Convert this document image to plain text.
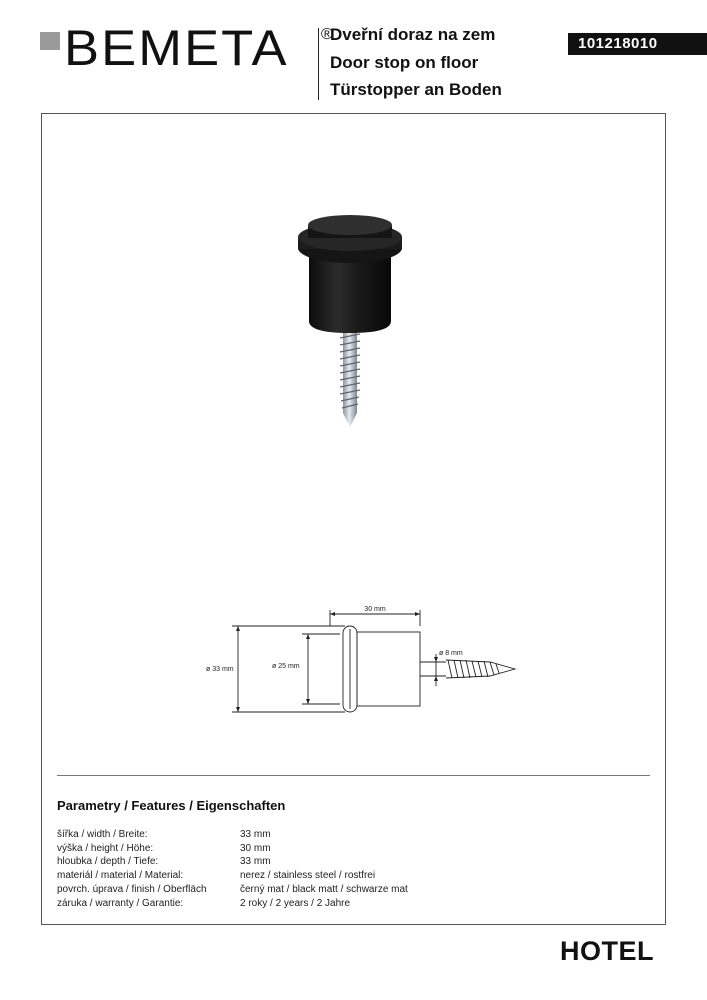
BEMETA ®
Dveřní doraz na zem
Door stop on floor
Türstopper an Boden
101218010
30 mm
ø 33 mm	ø 25 mm
ø 8 mm
Parametry / Features / Eigenschaften
šířka / width / Breite:	33 mm
výška / height / Höhe:	30 mm
hloubka / depth / Tiefe:	33 mm
materiál / material / Material:	nerez / stainless steel / rostfrei
povrch. úprava / finish / Oberfläch	černý mat / black matt / schwarze mat
záruka / warranty / Garantie:	2 roky / 2 years / 2 Jahre
HOTEL
